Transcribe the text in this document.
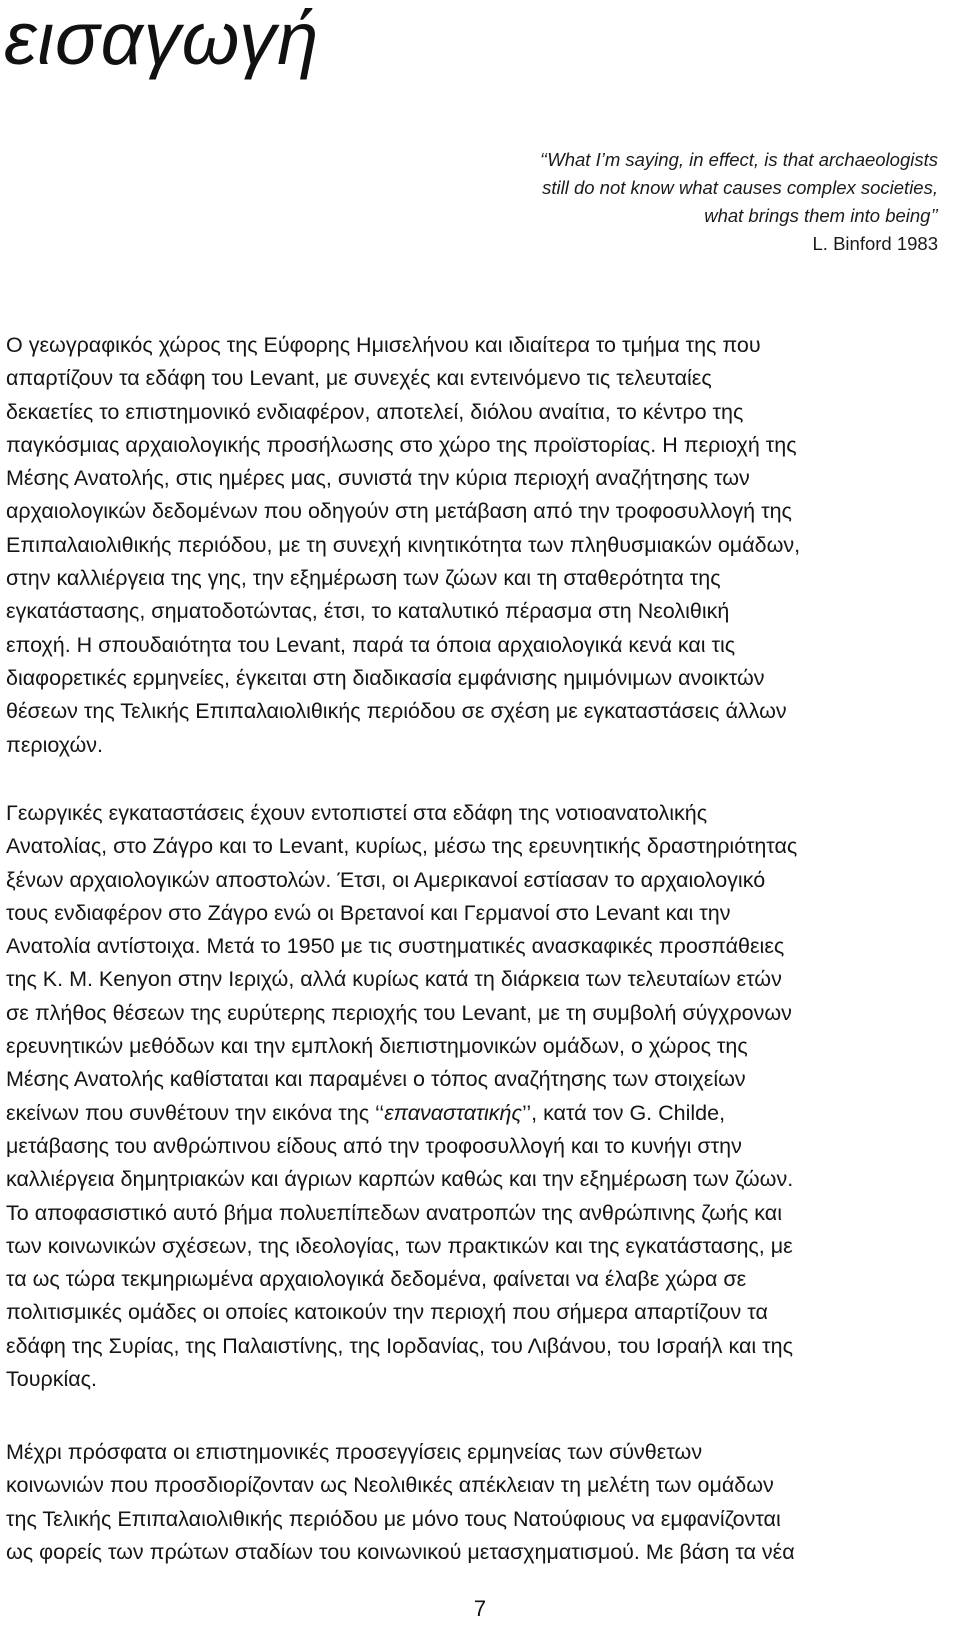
εισαγωγή
‘‘What I’m saying, in effect, is that archaeologists
still do not know what causes complex societies,
what brings them into being’’
L. Binford 1983
Ο γεωγραφικός χώρος της Εύφορης Ημισελήνου και ιδιαίτερα το τμήμα της που
απαρτίζουν τα εδάφη του Levant, με συνεχές και εντεινόμενο τις τελευταίες
δεκαετίες το επιστημονικό ενδιαφέρον, αποτελεί, διόλου αναίτια, το κέντρο της
παγκόσμιας αρχαιολογικής προσήλωσης στο χώρο της προϊστορίας. Η περιοχή της
Μέσης Ανατολής, στις ημέρες μας, συνιστά την κύρια περιοχή αναζήτησης των
αρχαιολογικών δεδομένων που οδηγούν στη μετάβαση από την τροφοσυλλογή της
Επιπαλαιολιθικής περιόδου, με τη συνεχή κινητικότητα των πληθυσμιακών ομάδων,
στην καλλιέργεια της γης, την εξημέρωση των ζώων και τη σταθερότητα της
εγκατάστασης, σηματοδοτώντας, έτσι, το καταλυτικό πέρασμα στη Νεολιθική
εποχή. Η σπουδαιότητα του Levant, παρά τα όποια αρχαιολογικά κενά και τις
διαφορετικές ερμηνείες, έγκειται στη διαδικασία εμφάνισης ημιμόνιμων ανοικτών
θέσεων της Τελικής Επιπαλαιολιθικής περιόδου σε σχέση με εγκαταστάσεις άλλων
περιοχών.
Γεωργικές εγκαταστάσεις έχουν εντοπιστεί στα εδάφη της νοτιοανατολικής
Ανατολίας, στο Ζάγρο και το Levant, κυρίως, μέσω της ερευνητικής δραστηριότητας
ξένων αρχαιολογικών αποστολών. Έτσι, οι Αμερικανοί εστίασαν το αρχαιολογικό
τους ενδιαφέρον στο Ζάγρο ενώ οι Βρετανοί και Γερμανοί στο Levant και την
Ανατολία αντίστοιχα. Μετά το 1950 με τις συστηματικές ανασκαφικές προσπάθειες
της Κ. Μ. Kenyon στην Ιεριχώ, αλλά κυρίως κατά τη διάρκεια των τελευταίων ετών
σε πλήθος θέσεων της ευρύτερης περιοχής του Levant, με τη συμβολή σύγχρονων
ερευνητικών μεθόδων και την εμπλοκή διεπιστημονικών ομάδων, ο χώρος της
Μέσης Ανατολής καθίσταται και παραμένει ο τόπος αναζήτησης των στοιχείων
εκείνων που συνθέτουν την εικόνα της ‘‘επαναστατικής’’, κατά τον G. Childe,
μετάβασης του ανθρώπινου είδους από την τροφοσυλλογή και το κυνήγι στην
καλλιέργεια δημητριακών και άγριων καρπών καθώς και την εξημέρωση των ζώων.
Το αποφασιστικό αυτό βήμα πολυεπίπεδων ανατροπών της ανθρώπινης ζωής και
των κοινωνικών σχέσεων, της ιδεολογίας, των πρακτικών και της εγκατάστασης, με
τα ως τώρα τεκμηριωμένα αρχαιολογικά δεδομένα, φαίνεται να έλαβε χώρα σε
πολιτισμικές ομάδες οι οποίες κατοικούν την περιοχή που σήμερα απαρτίζουν τα
εδάφη της Συρίας, της Παλαιστίνης, της Ιορδανίας, του Λιβάνου, του Ισραήλ και της
Τουρκίας.
Μέχρι πρόσφατα οι επιστημονικές προσεγγίσεις ερμηνείας των σύνθετων
κοινωνιών που προσδιορίζονταν ως Νεολιθικές απέκλειαν τη μελέτη των ομάδων
της Τελικής Επιπαλαιολιθικής περιόδου με μόνο τους Νατούφιους να εμφανίζονται
ως φορείς των πρώτων σταδίων του κοινωνικού μετασχηματισμού. Με βάση τα νέα
7
